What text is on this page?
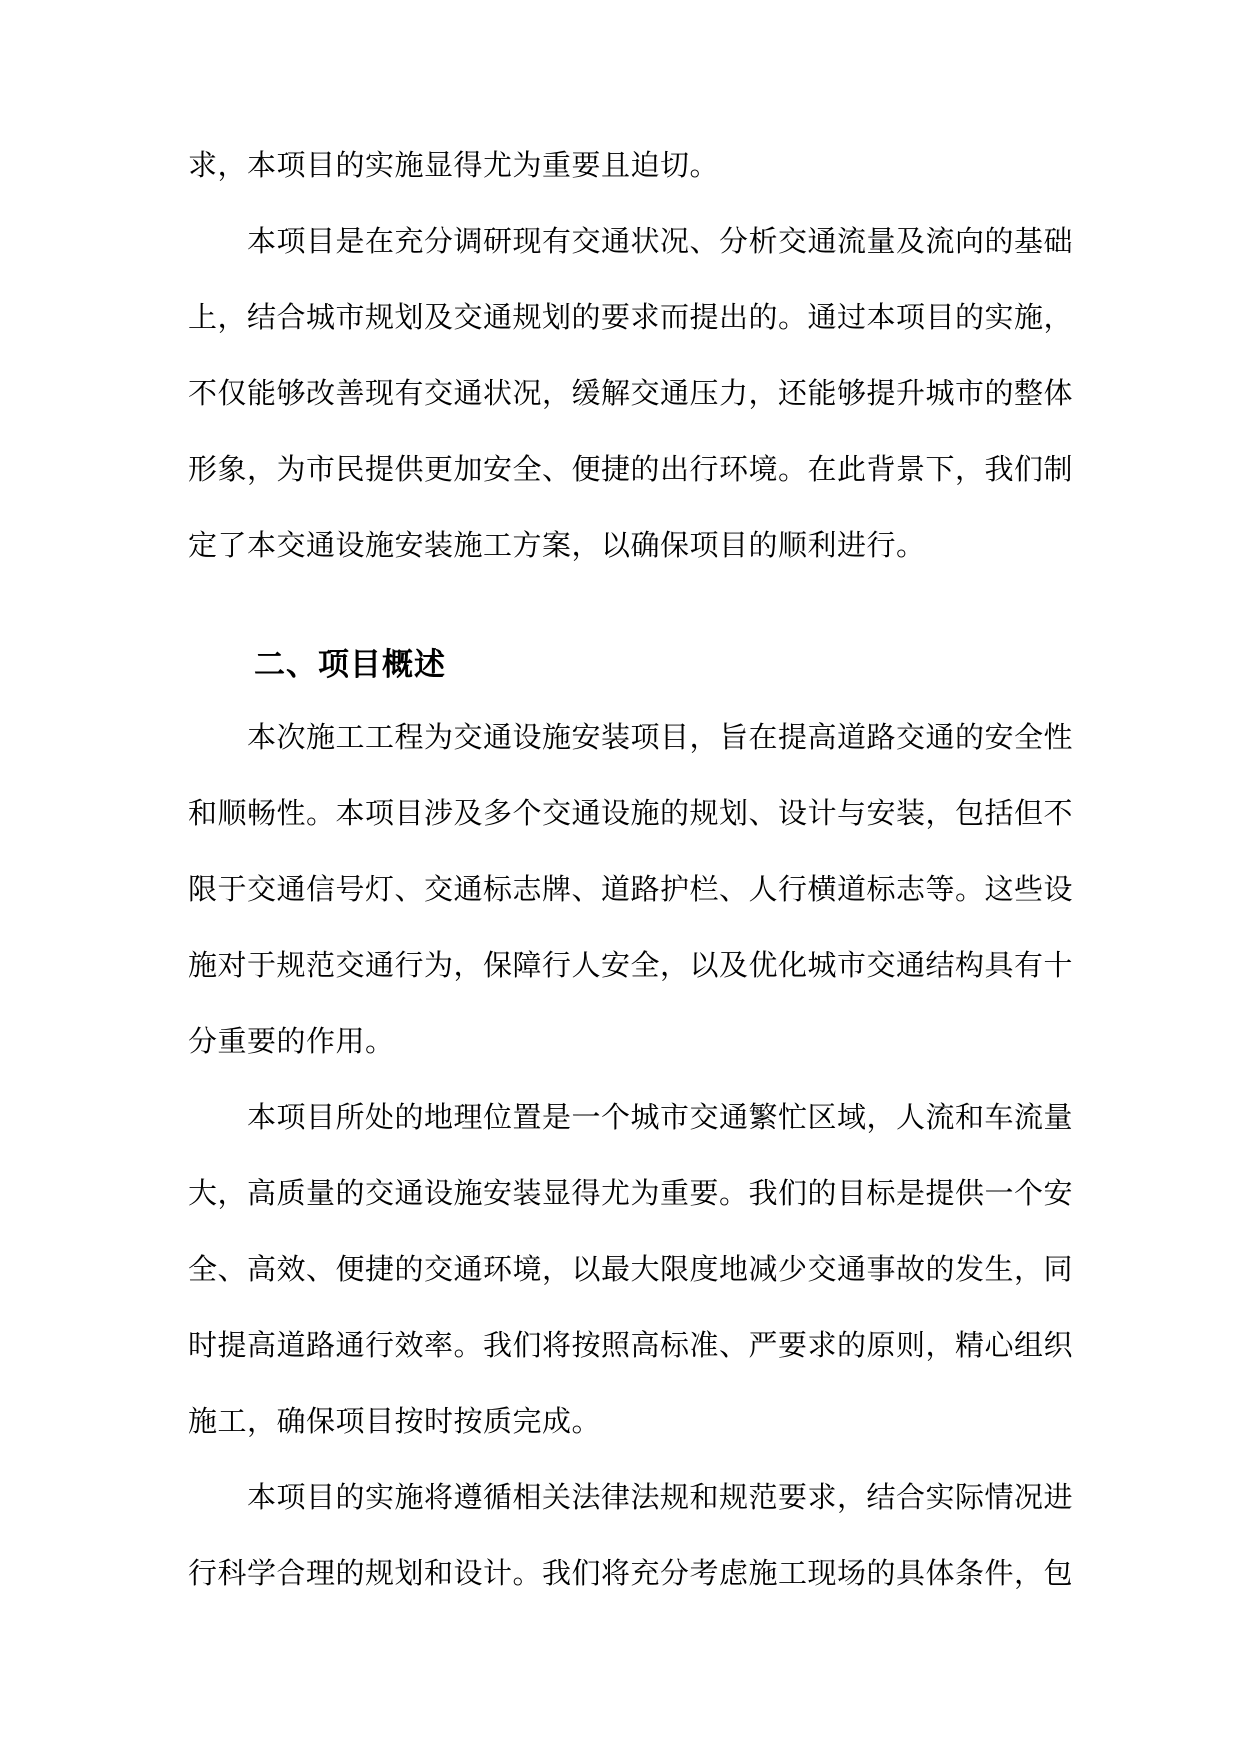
求，本项目的实施显得尤为重要且迫切。

本项目是在充分调研现有交通状况、分析交通流量及流向的基础

上，结合城市规划及交通规划的要求而提出的。通过本项目的实施，

不仅能够改善现有交通状况，缓解交通压力，还能够提升城市的整体

形象，为市民提供更加安全、便捷的出行环境。在此背景下，我们制

定了本交通设施安装施工方案，以确保项目的顺利进行。

二、项目概述

本次施工工程为交通设施安装项目，旨在提高道路交通的安全性

和顺畅性。本项目涉及多个交通设施的规划、设计与安装，包括但不

限于交通信号灯、交通标志牌、道路护栏、人行横道标志等。这些设

施对于规范交通行为，保障行人安全，以及优化城市交通结构具有十

分重要的作用。

本项目所处的地理位置是一个城市交通繁忙区域，人流和车流量

大，高质量的交通设施安装显得尤为重要。我们的目标是提供一个安

全、高效、便捷的交通环境，以最大限度地减少交通事故的发生，同

时提高道路通行效率。我们将按照高标准、严要求的原则，精心组织

施工，确保项目按时按质完成。

本项目的实施将遵循相关法律法规和规范要求，结合实际情况进

行科学合理的规划和设计。我们将充分考虑施工现场的具体条件，包
